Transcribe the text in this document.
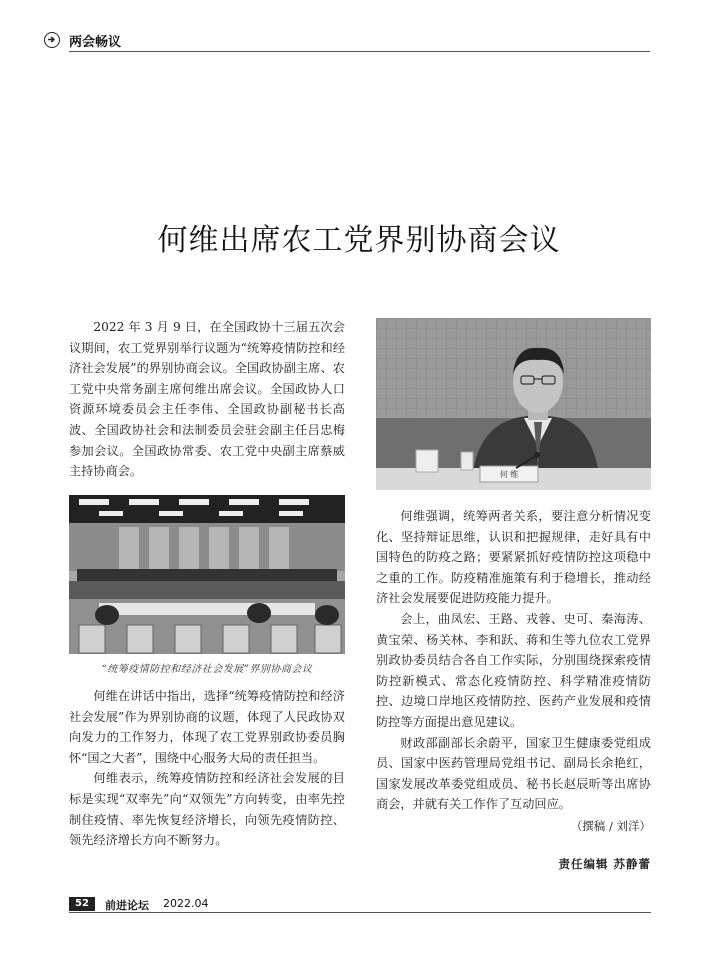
两会畅议
何维出席农工党界别协商会议

2022 年 3 月 9 日，在全国政协十三届五次会议期间，农工党界别举行议题为“统筹疫情防控和经济社会发展”的界别协商会议。全国政协副主席、农工党中央常务副主席何维出席会议。全国政协人口资源环境委员会主任李伟、全国政协副秘书长高波、全国政协社会和法制委员会驻会副主任吕忠梅参加会议。全国政协常委、农工党中央副主席蔡威主持协商会。	何 维
“统筹疫情防控和经济社会发展”界别协商会议

何维在讲话中指出，选择“统筹疫情防控和经济社会发展”作为界别协商的议题，体现了人民政协双向发力的工作努力，体现了农工党界别政协委员胸怀“国之大者”，围绕中心服务大局的责任担当。

何维表示，统筹疫情防控和经济社会发展的目标是实现“双率先”向“双领先”方向转变，由率先控制住疫情、率先恢复经济增长，向领先疫情防控、领先经济增长方向不断努力。

何维强调，统筹两者关系，要注意分析情况变化、坚持辩证思维，认识和把握规律，走好具有中国特色的防疫之路；要紧紧抓好疫情防控这项稳中之重的工作。防疫精准施策有利于稳增长，推动经济社会发展要促进防疫能力提升。

会上，曲凤宏、王路、戎蓉、史可、秦海涛、黄宝荣、杨关林、李和跃、蒋和生等九位农工党界别政协委员结合各自工作实际，分别围绕探索疫情防控新模式、常态化疫情防控、科学精准疫情防控、边境口岸地区疫情防控、医药产业发展和疫情防控等方面提出意见建议。

财政部副部长余蔚平，国家卫生健康委党组成员、国家中医药管理局党组书记、副局长余艳红，国家发展改革委党组成员、秘书长赵辰昕等出席协商会，并就有关工作作了互动回应。

（撰稿 / 刘洋）
责任编辑 苏静蕾
52	前进论坛 2022.04
